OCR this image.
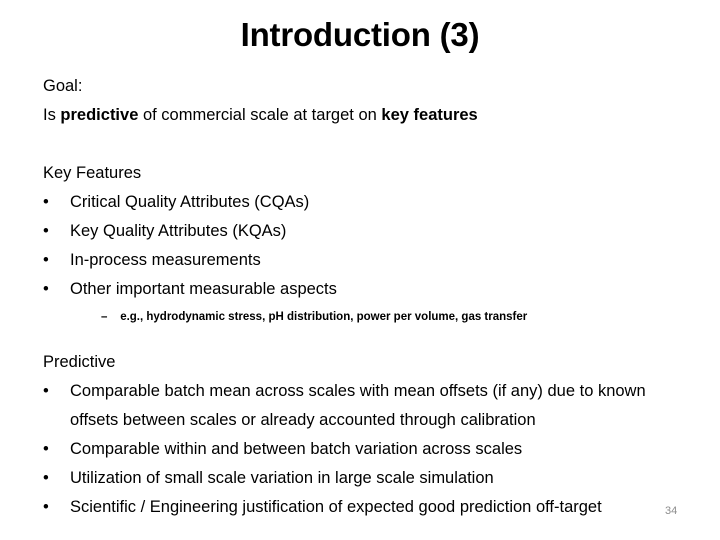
Introduction (3)
Goal:
Is predictive of commercial scale at target on key features
Key Features
•	Critical Quality Attributes (CQAs)
•	Key Quality Attributes (KQAs)
•	In-process measurements
•	Other important measurable aspects
– e.g., hydrodynamic stress, pH distribution, power per volume, gas transfer
Predictive
•	Comparable batch mean across scales with mean offsets (if any) due to known offsets between scales or already accounted through calibration
•	Comparable within and between batch variation across scales
•	Utilization of small scale variation in large scale simulation
•	Scientific / Engineering justification of expected good prediction off-target	34
